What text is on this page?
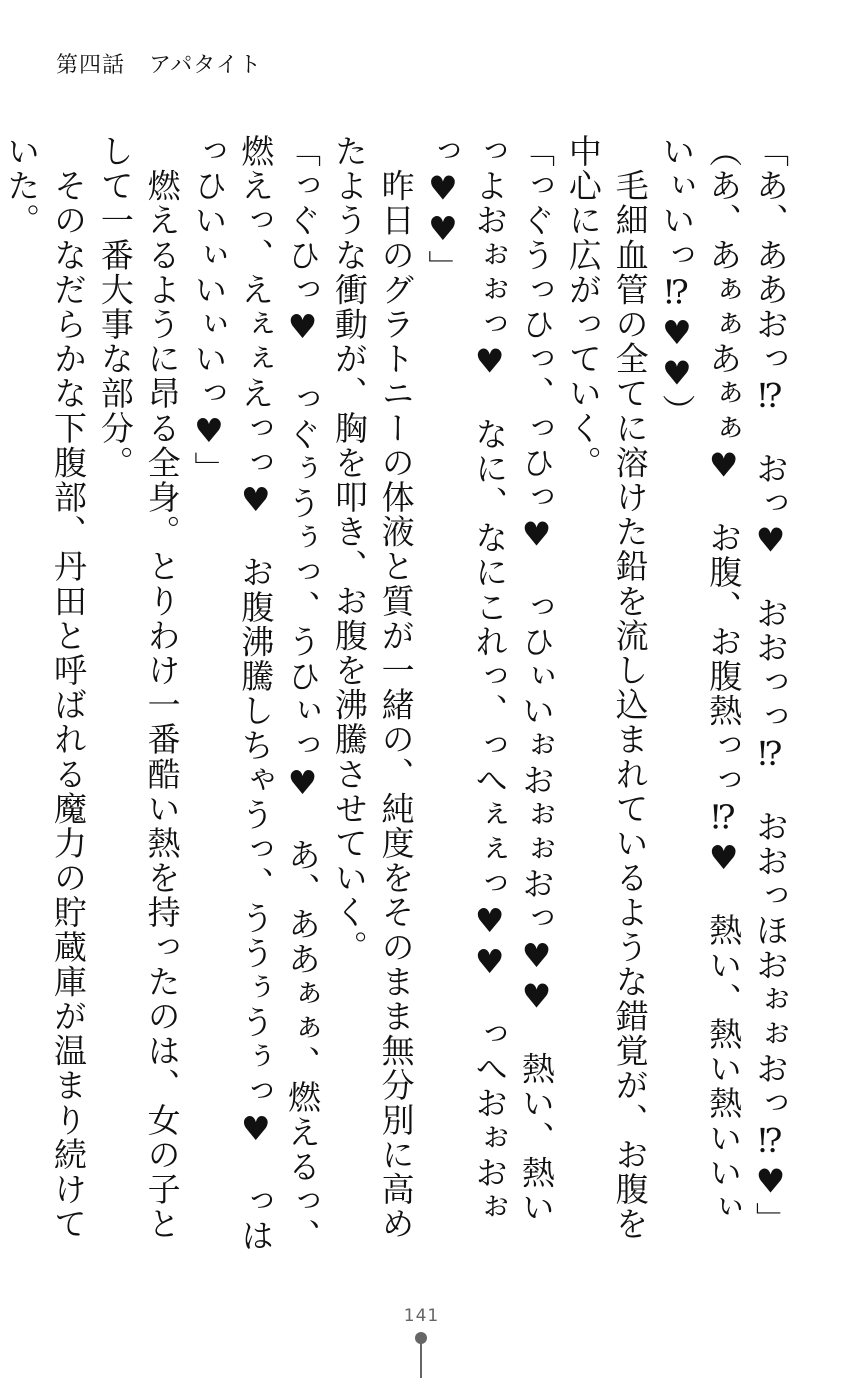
第四話 アパタイト

「あ、ああおっ⁉　おっ♥　おおっっ⁉　おおっほおぉぉおっ⁉♥」

（あ、あぁぁあぁぁ♥　お腹、お腹熱っっ⁉♥　熱い、熱い熱いいぃいぃいっ⁉♥♥）

　毛細血管の全てに溶けた鉛を流し込まれているような錯覚が、お腹を中心に広がっていく。

「っぐうっひっ、っひっ♥　っひぃいぉおぉぉおっ♥♥　熱い、熱いっよおぉぉっ♥　なに、なにこれっ、っへぇぇっ♥♥　っへおぉおぉっ♥♥」

　昨日のグラトニーの体液と質が一緒の、純度をそのまま無分別に高めたような衝動が、胸を叩き、お腹を沸騰させていく。

「っぐひっ♥　っぐぅうぅっ、うひぃっ♥　あ、ああぁぁ、燃えるっ、燃えっ、えぇぇえっっ♥　お腹沸騰しちゃうっ、ううぅうぅっ♥　っはっひいぃいぃいっ♥」

　燃えるように昂る全身。とりわけ一番酷い熱を持ったのは、女の子として一番大事な部分。

　そのなだらかな下腹部、丹田と呼ばれる魔力の貯蔵庫が温まり続けていた。

141
